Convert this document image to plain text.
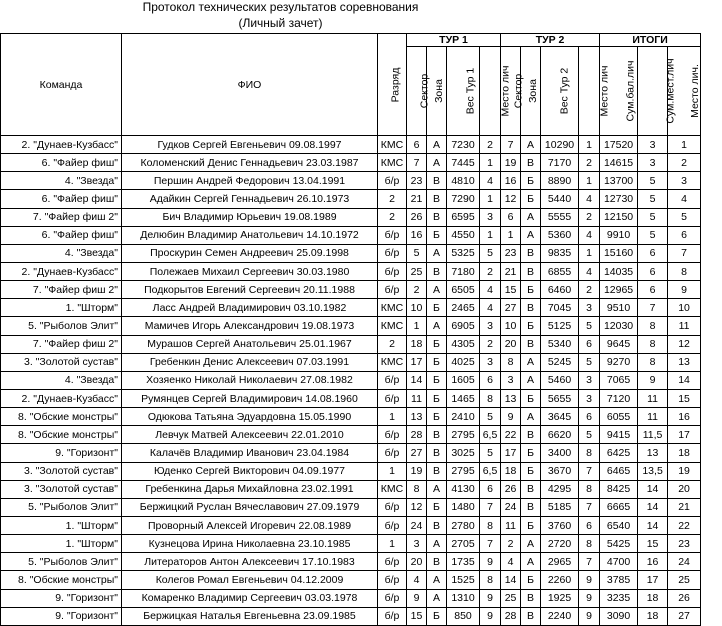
Протокол технических результатов соревнования
(Личный зачет)
Команда	ФИО	Разряд	ТУР 1				ТУР 2				ИТОГИ		
			Сектор	Зона	Вес Тур 1	Место лич	Сектор	Зона	Вес Тур 2	Место лич	Сум.бал.лич	Сум.мест.лич	Место лич.
2. "Дунаев-Кузбасс"	Гудков Сергей Евгеньевич 09.08.1997	КМС	6	А	7230	2	7	А	10290	1	17520	3	1
6. "Файер фиш"	Коломенский Денис Геннадьевич 23.03.1987	КМС	7	А	7445	1	19	В	7170	2	14615	3	2
4. "Звезда"	Першин Андрей Федорович 13.04.1991	б/р	23	В	4810	4	16	Б	8890	1	13700	5	3
6. "Файер фиш"	Адайкин Сергей Геннадьевич 26.10.1973	2	21	В	7290	1	12	Б	5440	4	12730	5	4
7. "Файер фиш 2"	Бич Владимир Юрьевич 19.08.1989	2	26	В	6595	3	6	А	5555	2	12150	5	5
6. "Файер фиш"	Делюбин Владимир Анатольевич 14.10.1972	б/р	16	Б	4550	1	1	А	5360	4	9910	5	6
4. "Звезда"	Проскурин Семен Андреевич 25.09.1998	б/р	5	А	5325	5	23	В	9835	1	15160	6	7
2. "Дунаев-Кузбасс"	Полежаев Михаил Сергеевич 30.03.1980	б/р	25	В	7180	2	21	В	6855	4	14035	6	8
7. "Файер фиш 2"	Подкорытов Евгений Сергеевич 20.11.1988	б/р	2	А	6505	4	15	Б	6460	2	12965	6	9
1. "Шторм"	Ласс Андрей Владимирович 03.10.1982	КМС	10	Б	2465	4	27	В	7045	3	9510	7	10
5. "Рыболов Элит"	Мамичев Игорь Александрович 19.08.1973	КМС	1	А	6905	3	10	Б	5125	5	12030	8	11
7. "Файер фиш 2"	Мурашов Сергей Анатольевич 25.01.1967	2	18	Б	4305	2	20	В	5340	6	9645	8	12
3. "Золотой сустав"	Гребенкин Денис Алексеевич 07.03.1991	КМС	17	Б	4025	3	8	А	5245	5	9270	8	13
4. "Звезда"	Хозяенко Николай Николаевич 27.08.1982	б/р	14	Б	1605	6	3	А	5460	3	7065	9	14
2. "Дунаев-Кузбасс"	Румянцев Сергей Владимирович 14.08.1960	б/р	11	Б	1465	8	13	Б	5655	3	7120	11	15
8. "Обские монстры"	Одюкова Татьяна Эдуардовна 15.05.1990	1	13	Б	2410	5	9	А	3645	6	6055	11	16
8. "Обские монстры"	Левчук Матвей Алексеевич 22.01.2010	б/р	28	В	2795	6,5	22	В	6620	5	9415	11,5	17
9. "Горизонт"	Калачёв Владимир Иванович 23.04.1984	б/р	27	В	3025	5	17	Б	3400	8	6425	13	18
3. "Золотой сустав"	Юденко Сергей Викторович 04.09.1977	1	19	В	2795	6,5	18	Б	3670	7	6465	13,5	19
3. "Золотой сустав"	Гребенкина Дарья Михайловна 23.02.1991	КМС	8	А	4130	6	26	В	4295	8	8425	14	20
5. "Рыболов Элит"	Бержицкий Руслан Вячеславович 27.09.1979	б/р	12	Б	1480	7	24	В	5185	7	6665	14	21
1. "Шторм"	Проворный Алексей Игоревич 22.08.1989	б/р	24	В	2780	8	11	Б	3760	6	6540	14	22
1. "Шторм"	Кузнецова Ирина Николаевна 23.10.1985	1	3	А	2705	7	2	А	2720	8	5425	15	23
5. "Рыболов Элит"	Литераторов Антон Алексеевич 17.10.1983	б/р	20	В	1735	9	4	А	2965	7	4700	16	24
8. "Обские монстры"	Колегов Ромал Евгеньевич 04.12.2009	б/р	4	А	1525	8	14	Б	2260	9	3785	17	25
9. "Горизонт"	Комаренко Владимир Сергеевич 03.03.1978	б/р	9	А	1310	9	25	В	1925	9	3235	18	26
9. "Горизонт"	Бержицкая Наталья Евгеньевна 23.09.1985	б/р	15	Б	850	9	28	В	2240	9	3090	18	27
